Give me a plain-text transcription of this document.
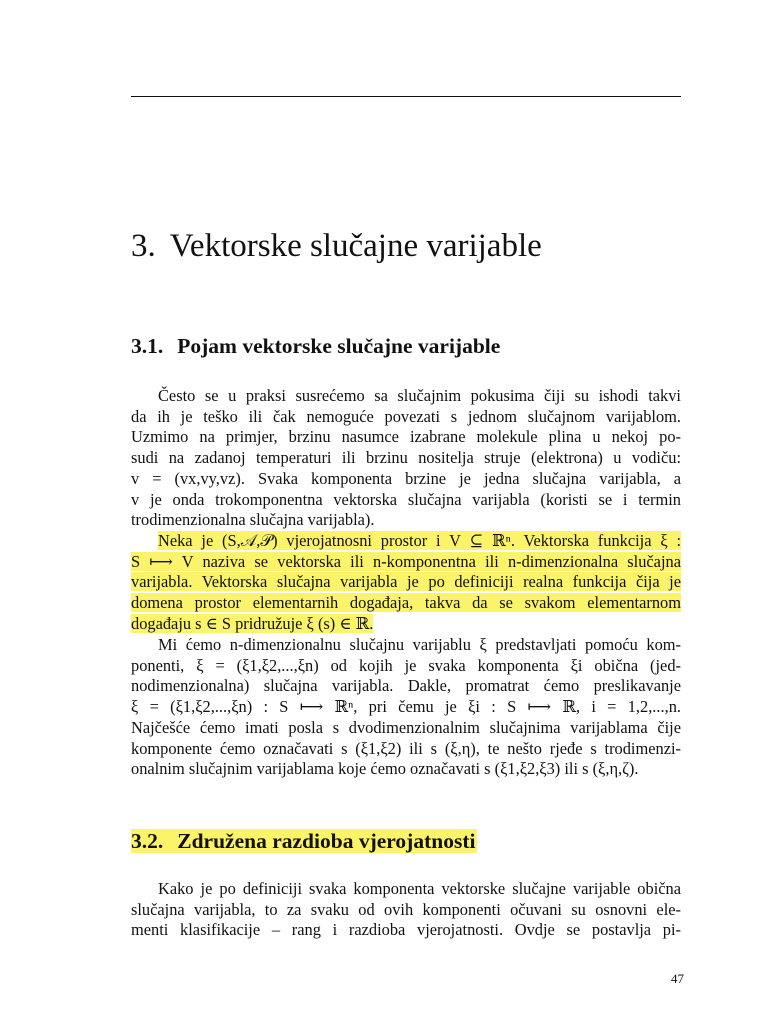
3. Vektorske slučajne varijable
3.1. Pojam vektorske slučajne varijable

Često se u praksi susrećemo sa slučajnim pokusima čiji su ishodi takvi
da ih je teško ili čak nemoguće povezati s jednom slučajnom varijablom.
Uzmimo na primjer, brzinu nasumce izabrane molekule plina u nekoj po-
sudi na zadanoj temperaturi ili brzinu nositelja struje (elektrona) u vodiču:
v = (vx,vy,vz). Svaka komponenta brzine je jedna slučajna varijabla, a
v je onda trokomponentna vektorska slučajna varijabla (koristi se i termin
trodimenzionalna slučajna varijabla).

Neka je (S,𝒜,𝒫) vjerojatnosni prostor i V ⊆ ℝⁿ. Vektorska funkcija ξ :
S ⟼ V naziva se vektorska ili n-komponentna ili n-dimenzionalna slučajna
varijabla. Vektorska slučajna varijabla je po definiciji realna funkcija čija je
domena prostor elementarnih događaja, takva da se svakom elementarnom
događaju s ∈ S pridružuje ξ (s) ∈ ℝ.

Mi ćemo n-dimenzionalnu slučajnu varijablu ξ predstavljati pomoću kom-
ponenti, ξ = (ξ1,ξ2,...,ξn) od kojih je svaka komponenta ξi obična (jed-
nodimenzionalna) slučajna varijabla. Dakle, promatrat ćemo preslikavanje
ξ = (ξ1,ξ2,...,ξn) : S ⟼ ℝⁿ, pri čemu je ξi : S ⟼ ℝ, i = 1,2,...,n.
Najčešće ćemo imati posla s dvodimenzionalnim slučajnima varijablama čije
komponente ćemo označavati s (ξ1,ξ2) ili s (ξ,η), te nešto rjeđe s trodimenzi-
onalnim slučajnim varijablama koje ćemo označavati s (ξ1,ξ2,ξ3) ili s (ξ,η,ζ).

3.2. Združena razdioba vjerojatnosti

Kako je po definiciji svaka komponenta vektorske slučajne varijable obična
slučajna varijabla, to za svaku od ovih komponenti očuvani su osnovni ele-
menti klasifikacije – rang i razdioba vjerojatnosti. Ovdje se postavlja pi-

47
